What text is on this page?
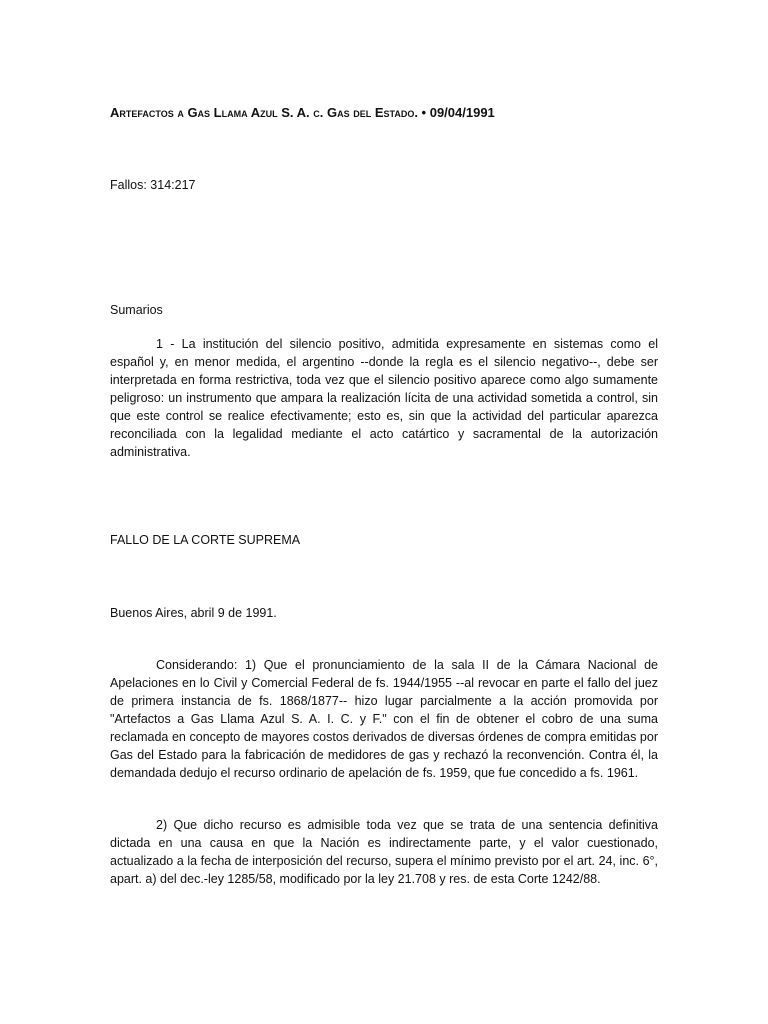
Artefactos a Gas Llama Azul S. A. c. Gas del Estado. • 09/04/1991

Fallos: 314:217

Sumarios

1 - La institución del silencio positivo, admitida expresamente en sistemas como el español y, en menor medida, el argentino --donde la regla es el silencio negativo--, debe ser interpretada en forma restrictiva, toda vez que el silencio positivo aparece como algo sumamente peligroso: un instrumento que ampara la realización lícita de una actividad sometida a control, sin que este control se realice efectivamente; esto es, sin que la actividad del particular aparezca reconciliada con la legalidad mediante el acto catártico y sacramental de la autorización administrativa.

FALLO DE LA CORTE SUPREMA

Buenos Aires, abril 9 de 1991.

Considerando: 1) Que el pronunciamiento de la sala II de la Cámara Nacional de Apelaciones en lo Civil y Comercial Federal de fs. 1944/1955 --al revocar en parte el fallo del juez de primera instancia de fs. 1868/1877-- hizo lugar parcialmente a la acción promovida por "Artefactos a Gas Llama Azul S. A. I. C. y F." con el fin de obtener el cobro de una suma reclamada en concepto de mayores costos derivados de diversas órdenes de compra emitidas por Gas del Estado para la fabricación de medidores de gas y rechazó la reconvención. Contra él, la demandada dedujo el recurso ordinario de apelación de fs. 1959, que fue concedido a fs. 1961.

2) Que dicho recurso es admisible toda vez que se trata de una sentencia definitiva dictada en una causa en que la Nación es indirectamente parte, y el valor cuestionado, actualizado a la fecha de interposición del recurso, supera el mínimo previsto por el art. 24, inc. 6°, apart. a) del dec.-ley 1285/58, modificado por la ley 21.708 y res. de esta Corte 1242/88.
